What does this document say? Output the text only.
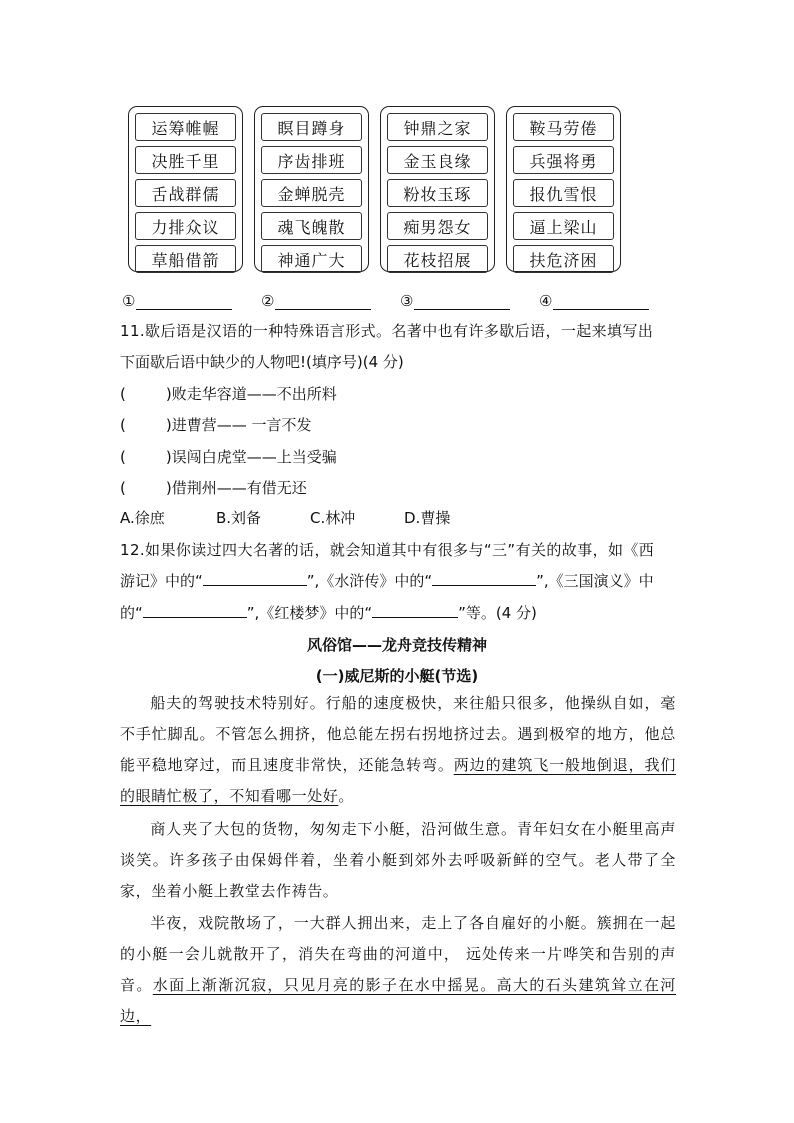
运筹帷幄
决胜千里
舌战群儒
力排众议
草船借箭
瞑目蹲身
序齿排班
金蝉脱壳
魂飞魄散
神通广大
钟鼎之家
金玉良缘
粉妆玉琢
痴男怨女
花枝招展
鞍马劳倦
兵强将勇
报仇雪恨
逼上梁山
扶危济困
①	②	③	④
11.歇后语是汉语的一种特殊语言形式。名著中也有许多歇后语，一起来填写出
下面歇后语中缺少的人物吧!(填序号)(4 分)
(	)败走华容道——不出所料
(	)进曹营—— 一言不发
(	)误闯白虎堂——上当受骗
(	)借荆州——有借无还
A.徐庶	B.刘备	C.林冲	D.曹操
12.如果你读过四大名著的话，就会知道其中有很多与“三”有关的故事，如《西
游记》中的“	”,《水浒传》中的“	”,《三国演义》中
的“	”,《红楼梦》中的“	”等。(4 分)
风俗馆——龙舟竞技传精神
(一)威尼斯的小艇(节选)
船夫的驾驶技术特别好。行船的速度极快，来往船只很多，他操纵自如，毫不手忙脚乱。不管怎么拥挤，他总能左拐右拐地挤过去。遇到极窄的地方，他总能平稳地穿过，而且速度非常快，还能急转弯。两边的建筑飞一般地倒退，我们的眼睛忙极了，不知看哪一处好。
商人夹了大包的货物，匆匆走下小艇，沿河做生意。青年妇女在小艇里高声谈笑。许多孩子由保姆伴着，坐着小艇到郊外去呼吸新鲜的空气。老人带了全家，坐着小艇上教堂去作祷告。
半夜，戏院散场了，一大群人拥出来，走上了各自雇好的小艇。簇拥在一起的小艇一会儿就散开了，消失在弯曲的河道中， 远处传来一片哗笑和告别的声音。水面上渐渐沉寂，只见月亮的影子在水中摇晃。高大的石头建筑耸立在河边，
